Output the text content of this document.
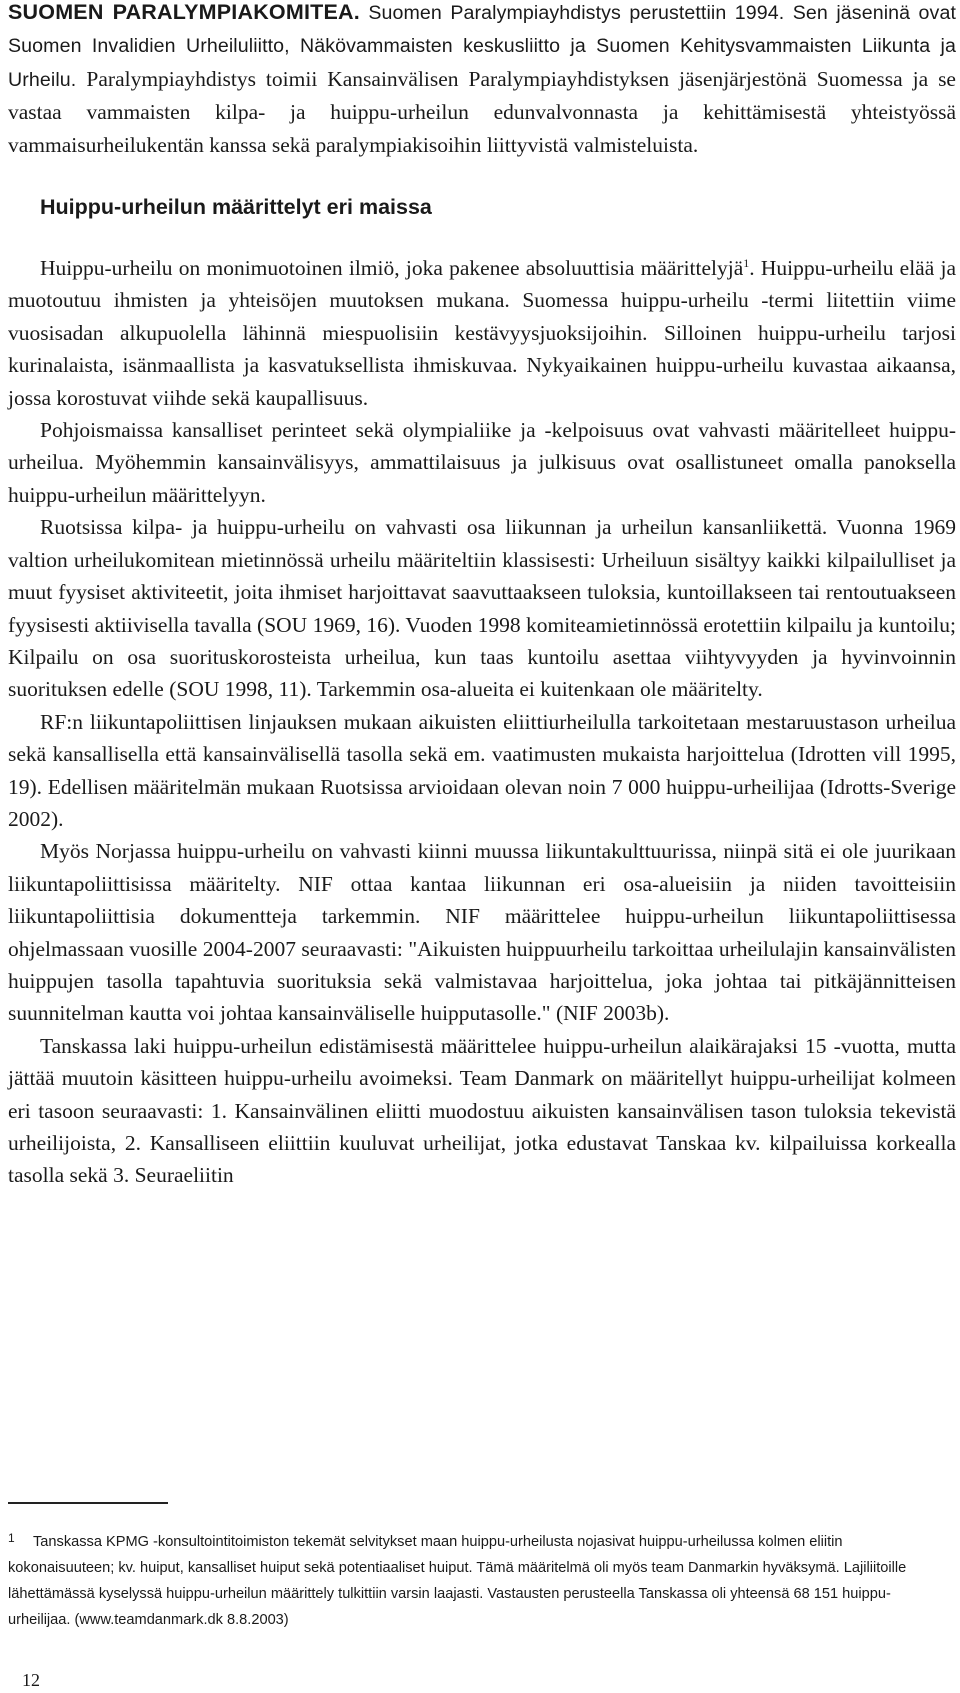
SUOMEN PARALYMPIAKOMITEA. Suomen Paralympiayhdistys perustettiin 1994. Sen jäseninä ovat Suomen Invalidien Urheiluliitto, Näkövammaisten keskusliitto ja Suomen Kehitysvammaisten Liikunta ja Urheilu. Paralympiayhdistys toimii Kansainvälisen Paralympiayhdistyksen jäsenjärjestönä Suomessa ja se vastaa vammaisten kilpa- ja huippu-urheilun edunvalvonnasta ja kehittämisestä yhteistyössä vammaisurheilukentän kanssa sekä paralympiakisoihin liittyvistä valmisteluista.

Huippu-urheilun määrittelyt eri maissa

Huippu-urheilu on monimuotoinen ilmiö, joka pakenee absoluuttisia määrittelyjä$^1$. Huippu-urheilu elää ja muotoutuu ihmisten ja yhteisöjen muutoksen mukana. Suomessa huippu-urheilu -termi liitettiin viime vuosisadan alkupuolella lähinnä miespuolisiin kestävyysjuoksijoihin. Silloinen huippu-urheilu tarjosi kurinalaista, isänmaallista ja kasvatuksellista ihmiskuvaa. Nykyaikainen huippu-urheilu kuvastaa aikaansa, jossa korostuvat viihde sekä kaupallisuus.

Pohjoismaissa kansalliset perinteet sekä olympialiike ja -kelpoisuus ovat vahvasti määritelleet huippu-urheilua. Myöhemmin kansainvälisyys, ammattilaisuus ja julkisuus ovat osallistuneet omalla panoksella huippu-urheilun määrittelyyn.

Ruotsissa kilpa- ja huippu-urheilu on vahvasti osa liikunnan ja urheilun kansanliikettä. Vuonna 1969 valtion urheilukomitean mietinnössä urheilu määriteltiin klassisesti: Urheiluun sisältyy kaikki kilpailulliset ja muut fyysiset aktiviteetit, joita ihmiset harjoittavat saavuttaakseen tuloksia, kuntoillakseen tai rentoutuakseen fyysisesti aktiivisella tavalla (SOU 1969, 16). Vuoden 1998 komiteamietinnössä erotettiin kilpailu ja kuntoilu; Kilpailu on osa suorituskorosteista urheilua, kun taas kuntoilu asettaa viihtyvyyden ja hyvinvoinnin suorituksen edelle (SOU 1998, 11). Tarkemmin osa-alueita ei kuitenkaan ole määritelty.

RF:n liikuntapoliittisen linjauksen mukaan aikuisten eliittiurheilulla tarkoitetaan mestaruustason urheilua sekä kansallisella että kansainvälisellä tasolla sekä em. vaatimusten mukaista harjoittelua (Idrotten vill 1995, 19). Edellisen määritelmän mukaan Ruotsissa arvioidaan olevan noin 7 000 huippu-urheilijaa (Idrotts-Sverige 2002).

Myös Norjassa huippu-urheilu on vahvasti kiinni muussa liikuntakulttuurissa, niinpä sitä ei ole juurikaan liikuntapoliittisissa määritelty. NIF ottaa kantaa liikunnan eri osa-alueisiin ja niiden tavoitteisiin liikuntapoliittisia dokumentteja tarkemmin. NIF määrittelee huippu-urheilun liikuntapoliittisessa ohjelmassaan vuosille 2004-2007 seuraavasti: "Aikuisten huippuurheilu tarkoittaa urheilulajin kansainvälisten huippujen tasolla tapahtuvia suorituksia sekä valmistavaa harjoittelua, joka johtaa tai pitkäjännitteisen suunnitelman kautta voi johtaa kansainväliselle huipputasolle." (NIF 2003b).

Tanskassa laki huippu-urheilun edistämisestä määrittelee huippu-urheilun alaikärajaksi 15 -vuotta, mutta jättää muutoin käsitteen huippu-urheilu avoimeksi. Team Danmark on määritellyt huippu-urheilijat kolmeen eri tasoon seuraavasti: 1. Kansainvälinen eliitti muodostuu aikuisten kansainvälisen tason tuloksia tekevistä urheilijoista, 2. Kansalliseen eliittiin kuuluvat urheilijat, jotka edustavat Tanskaa kv. kilpailuissa korkealla tasolla sekä 3. Seuraeliitin

1 Tanskassa KPMG -konsultointitoimiston tekemät selvitykset maan huippu-urheilusta nojasivat huippu-urheilussa kolmen eliitin kokonaisuuteen; kv. huiput, kansalliset huiput sekä potentiaaliset huiput. Tämä määritelmä oli myös team Danmarkin hyväksymä. Lajiliitoille lähettämässä kyselyssä huippu-urheilun määrittely tulkittiin varsin laajasti. Vastausten perusteella Tanskassa oli yhteensä 68 151 huippu-urheilijaa. (www.teamdanmark.dk 8.8.2003)
12
